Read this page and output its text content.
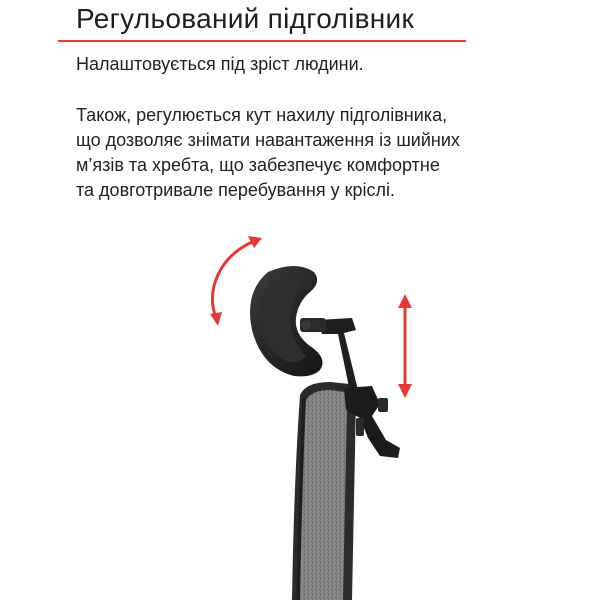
Регульований підголівник
Налаштовується під зріст людини.
Також, регулюється кут нахилу підголівника,
що дозволяє знімати навантаження із шийних
м’язів та хребта, що забезпечує комфортне
та довготривале перебування у кріслі.
